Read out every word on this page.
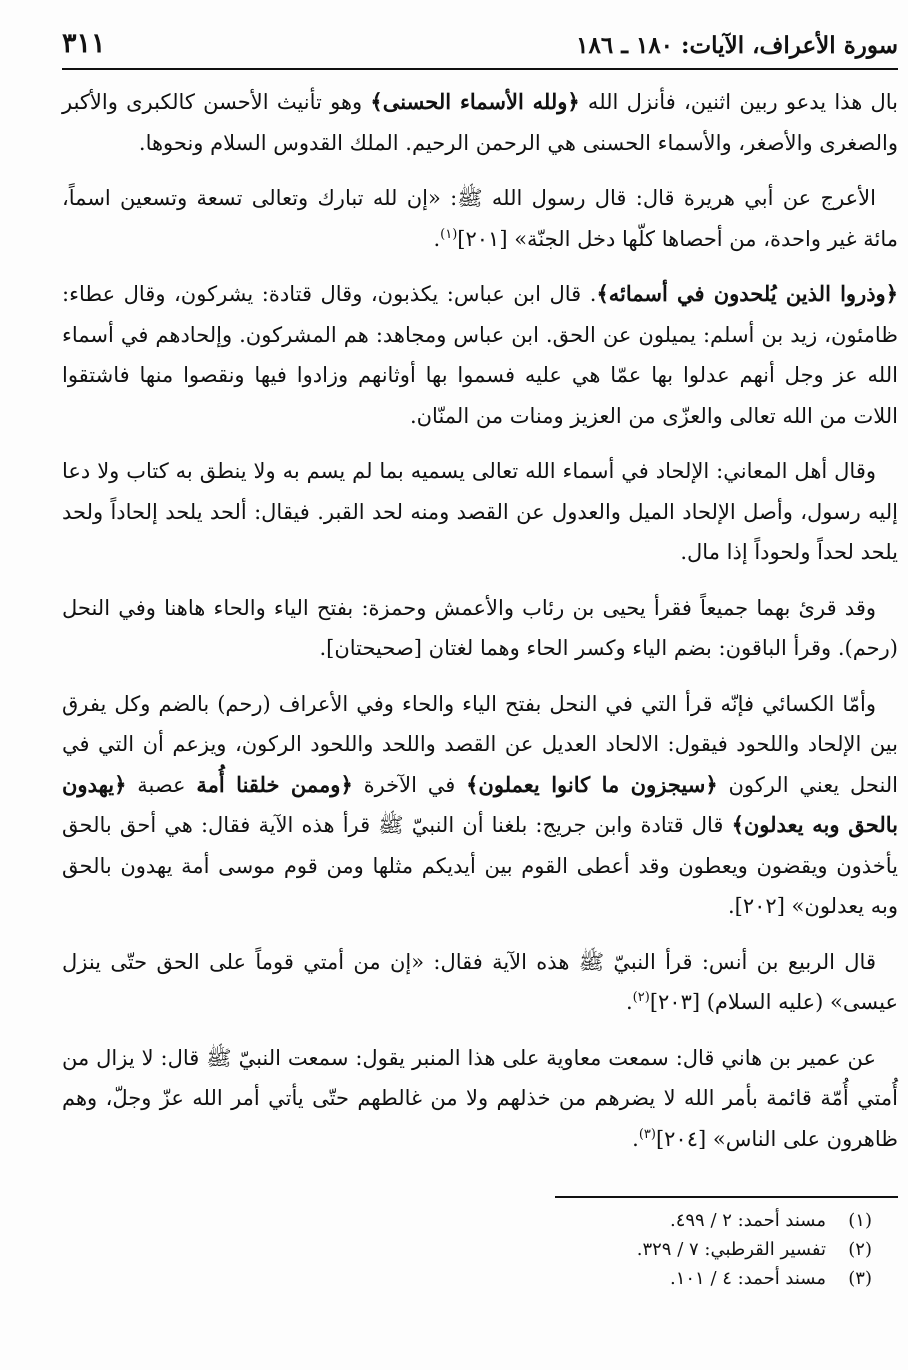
سورة الأعراف، الآيات: ١٨٠ ـ ١٨٦
٣١١

بال هذا يدعو ربين اثنين، فأنزل الله ﴿ولله الأسماء الحسنى﴾ وهو تأنيث الأحسن كالكبرى والأكبر والصغرى والأصغر، والأسماء الحسنى هي الرحمن الرحيم. الملك القدوس السلام ونحوها.

الأعرج عن أبي هريرة قال: قال رسول الله ﷺ: «إن لله تبارك وتعالى تسعة وتسعين اسماً، مائة غير واحدة، من أحصاها كلّها دخل الجنّة» [٢٠١]$^{(١)}$.

﴿وذروا الذين يُلحدون في أسمائه﴾. قال ابن عباس: يكذبون، وقال قتادة: يشركون، وقال عطاء: ظامئون، زيد بن أسلم: يميلون عن الحق. ابن عباس ومجاهد: هم المشركون. وإلحادهم في أسماء الله عز وجل أنهم عدلوا بها عمّا هي عليه فسموا بها أوثانهم وزادوا فيها ونقصوا منها فاشتقوا اللات من الله تعالى والعزّى من العزيز ومنات من المنّان.

وقال أهل المعاني: الإلحاد في أسماء الله تعالى يسميه بما لم يسم به ولا ينطق به كتاب ولا دعا إليه رسول، وأصل الإلحاد الميل والعدول عن القصد ومنه لحد القبر. فيقال: ألحد يلحد إلحاداً ولحد يلحد لحداً ولحوداً إذا مال.

وقد قرئ بهما جميعاً فقرأ يحيى بن رئاب والأعمش وحمزة: بفتح الياء والحاء هاهنا وفي النحل (رحم). وقرأ الباقون: بضم الياء وكسر الحاء وهما لغتان [صحيحتان].

وأمّا الكسائي فإنّه قرأ التي في النحل بفتح الياء والحاء وفي الأعراف (رحم) بالضم وكل يفرق بين الإلحاد واللحود فيقول: الالحاد العديل عن القصد واللحد واللحود الركون، ويزعم أن التي في النحل يعني الركون ﴿سيجزون ما كانوا يعملون﴾ في الآخرة ﴿وممن خلقنا أُمة عصبة ﴿يهدون بالحق وبه يعدلون﴾ قال قتادة وابن جريج: بلغنا أن النبيّ ﷺ قرأ هذه الآية فقال: هي أحق بالحق يأخذون ويقضون ويعطون وقد أعطى القوم بين أيديكم مثلها ومن قوم موسى أمة يهدون بالحق وبه يعدلون» [٢٠٢].

قال الربيع بن أنس: قرأ النبيّ ﷺ هذه الآية فقال: «إن من أمتي قوماً على الحق حتّى ينزل عيسى» (عليه السلام) [٢٠٣]$^{(٢)}$.

عن عمير بن هاني قال: سمعت معاوية على هذا المنبر يقول: سمعت النبيّ ﷺ قال: لا يزال من أُمتي أُمّة قائمة بأمر الله لا يضرهم من خذلهم ولا من غالطهم حتّى يأتي أمر الله عزّ وجلّ، وهم ظاهرون على الناس» [٢٠٤]$^{(٣)}$.

(١)مسند أحمد: ٢ / ٤٩٩.
(٢)تفسير القرطبي: ٧ / ٣٢٩.
(٣)مسند أحمد: ٤ / ١٠١.
